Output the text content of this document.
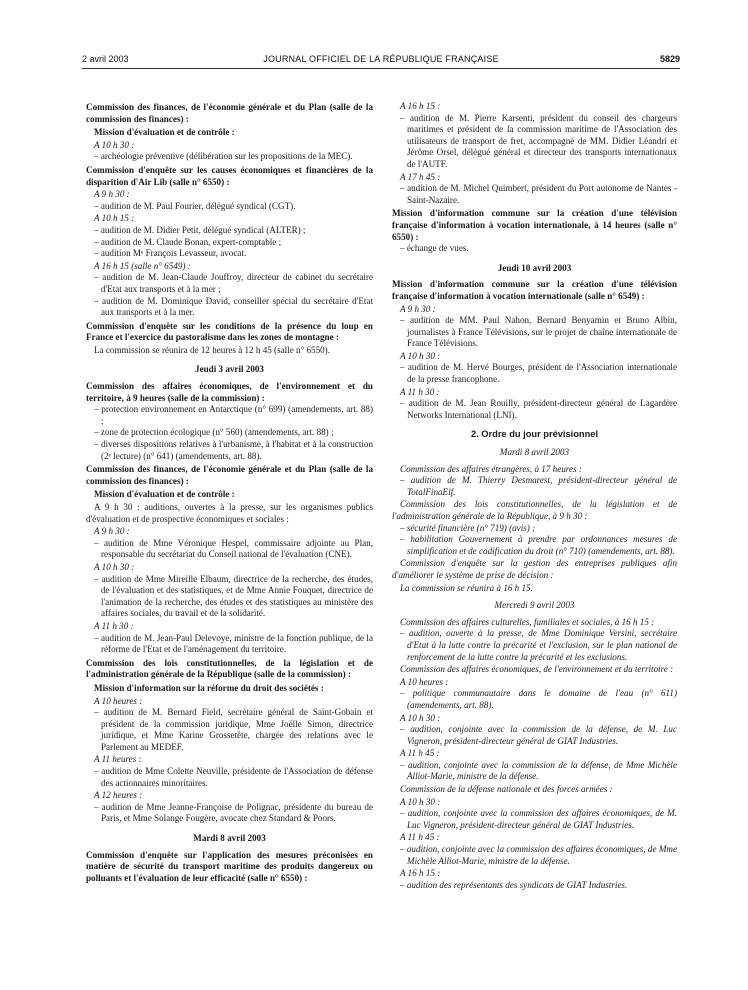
2 avril 2003	JOURNAL OFFICIEL DE LA RÉPUBLIQUE FRANÇAISE	5829
Commission des finances, de l'économie générale et du Plan (salle de la commission des finances) :
Mission d'évaluation et de contrôle :
A 10 h 30 :
– archéologie préventive (délibération sur les propositions de la MEC).
Commission d'enquête sur les causes économiques et financières de la disparition d'Air Lib (salle n° 6550) :
A 9 h 30 :
– audition de M. Paul Fourier, délégué syndical (CGT).
A 10 h 15 :
– audition de M. Didier Petit, délégué syndical (ALTER) ;
– audition de M. Claude Bonan, expert-comptable ;
– audition Mᵉ François Levasseur, avocat.
A 16 h 15 (salle n° 6549) :
– audition de M. Jean-Claude Jouffroy, directeur de cabinet du secrétaire d'Etat aux transports et à la mer ;
– audition de M. Dominique David, conseiller spécial du secrétaire d'Etat aux transports et à la mer.
Commission d'enquête sur les conditions de la présence du loup en France et l'exercice du pastoralisme dans les zones de montagne :
La commission se réunira de 12 heures à 12 h 45 (salle n° 6550).
Jeudi 3 avril 2003
Commission des affaires économiques, de l'environnement et du territoire, à 9 heures (salle de la commission) :
– protection environnement en Antarctique (n° 699) (amendements, art. 88) ;
– zone de protection écologique (n° 560) (amendements, art. 88) ;
– diverses dispositions relatives à l'urbanisme, à l'habitat et à la construction (2ᵉ lecture) (n° 641) (amendements, art. 88).
Commission des finances, de l'économie générale et du Plan (salle de la commission des finances) :
Mission d'évaluation et de contrôle :
A 9 h 30 : auditions, ouvertes à la presse, sur les organismes publics d'évaluation et de prospective économiques et sociales :
A 9 h 30 :
– audition de Mme Véronique Hespel, commissaire adjointe au Plan, responsable du secrétariat du Conseil national de l'évaluation (CNE).
A 10 h 30 :
– audition de Mme Mireille Elbaum, directrice de la recherche, des études, de l'évaluation et des statistiques, et de Mme Annie Fouquet, directrice de l'animation de la recherche, des études et des statistiques au ministère des affaires sociales, du travail et de la solidarité.
A 11 h 30 :
– audition de M. Jean-Paul Delevoye, ministre de la fonction publique, de la réforme de l'Etat et de l'aménagement du territoire.
Commission des lois constitutionnelles, de la législation et de l'administration générale de la République (salle de la commission) :
Mission d'information sur la réforme du droit des sociétés :
A 10 heures :
– audition de M. Bernard Field, secrétaire général de Saint-Gobain et président de la commission juridique, Mme Joëlle Simon, directrice juridique, et Mme Karine Grossetête, chargée des relations avec le Parlement au MEDEF.
A 11 heures :
– audition de Mme Colette Neuville, présidente de l'Association de défense des actionnaires minoritaires.
A 12 heures :
– audition de Mme Jeanne-Françoise de Polignac, présidente du bureau de Paris, et Mme Solange Fougère, avocate chez Standard & Poors.
Mardi 8 avril 2003
Commission d'enquête sur l'application des mesures préconisées en matière de sécurité du transport maritime des produits dangereux ou polluants et l'évaluation de leur efficacité (salle n° 6550) :
A 16 h 15 :
– audition de M. Pierre Karsenti, président du conseil des chargeurs maritimes et président de la commission maritime de l'Association des utilisateurs de transport de fret, accompagné de MM. Didier Léandri et Jérôme Orsel, délégué général et directeur des transports internationaux de l'AUTF.
A 17 h 45 :
– audition de M. Michel Quimbert, président du Port autonome de Nantes - Saint-Nazaire.
Mission d'information commune sur la création d'une télévision française d'information à vocation internationale, à 14 heures (salle n° 6550) :
– échange de vues.
Jeudi 10 avril 2003
Mission d'information commune sur la création d'une télévision française d'information à vocation internationale (salle n° 6549) :
A 9 h 30 :
– audition de MM. Paul Nahon, Bernard Benyamin et Bruno Albin, journalistes à France Télévisions, sur le projet de chaîne internationale de France Télévisions.
A 10 h 30 :
– audition de M. Hervé Bourges, président de l'Association internationale de la presse francophone.
A 11 h 30 :
– audition de M. Jean Rouilly, président-directeur général de Lagardère Networks International (LNI).
2. Ordre du jour prévisionnel
Mardi 8 avril 2003
Commission des affaires étrangères, à 17 heures :
– audition de M. Thierry Desmarest, président-directeur général de TotalFinaElf.
Commission des lois constitutionnelles, de la législation et de l'administration générale de la République, à 9 h 30 :
– sécurité financière (n° 719) (avis) ;
– habilitation Gouvernement à prendre par ordonnances mesures de simplification et de codification du droit (n° 710) (amendements, art. 88).
Commission d'enquête sur la gestion des entreprises publiques afin d'améliorer le système de prise de décision :
La commission se réunira à 16 h 15.
Mercredi 9 avril 2003
Commission des affaires culturelles, familiales et sociales, à 16 h 15 :
– audition, ouverte à la presse, de Mme Dominique Versini, secrétaire d'Etat à la lutte contre la précarité et l'exclusion, sur le plan national de renforcement de la lutte contre la précarité et les exclusions.
Commission des affaires économiques, de l'environnement et du territoire :
A 10 heures :
– politique communautaire dans le domaine de l'eau (n° 611) (amendements, art. 88).
A 10 h 30 :
– audition, conjointe avec la commission de la défense, de M. Luc Vigneron, président-directeur général de GIAT Industries.
A 11 h 45 :
– audition, conjointe avec la commission de la défense, de Mme Michèle Alliot-Marie, ministre de la défense.
Commission de la défense nationale et des forces armées :
A 10 h 30 :
– audition, conjointe avec la commission des affaires économiques, de M. Luc Vigneron, président-directeur général de GIAT Industries.
A 11 h 45 :
– audition, conjointe avec la commission des affaires économiques, de Mme Michèle Alliot-Marie, ministre de la défense.
A 16 h 15 :
– audition des représentants des syndicats de GIAT Industries.
